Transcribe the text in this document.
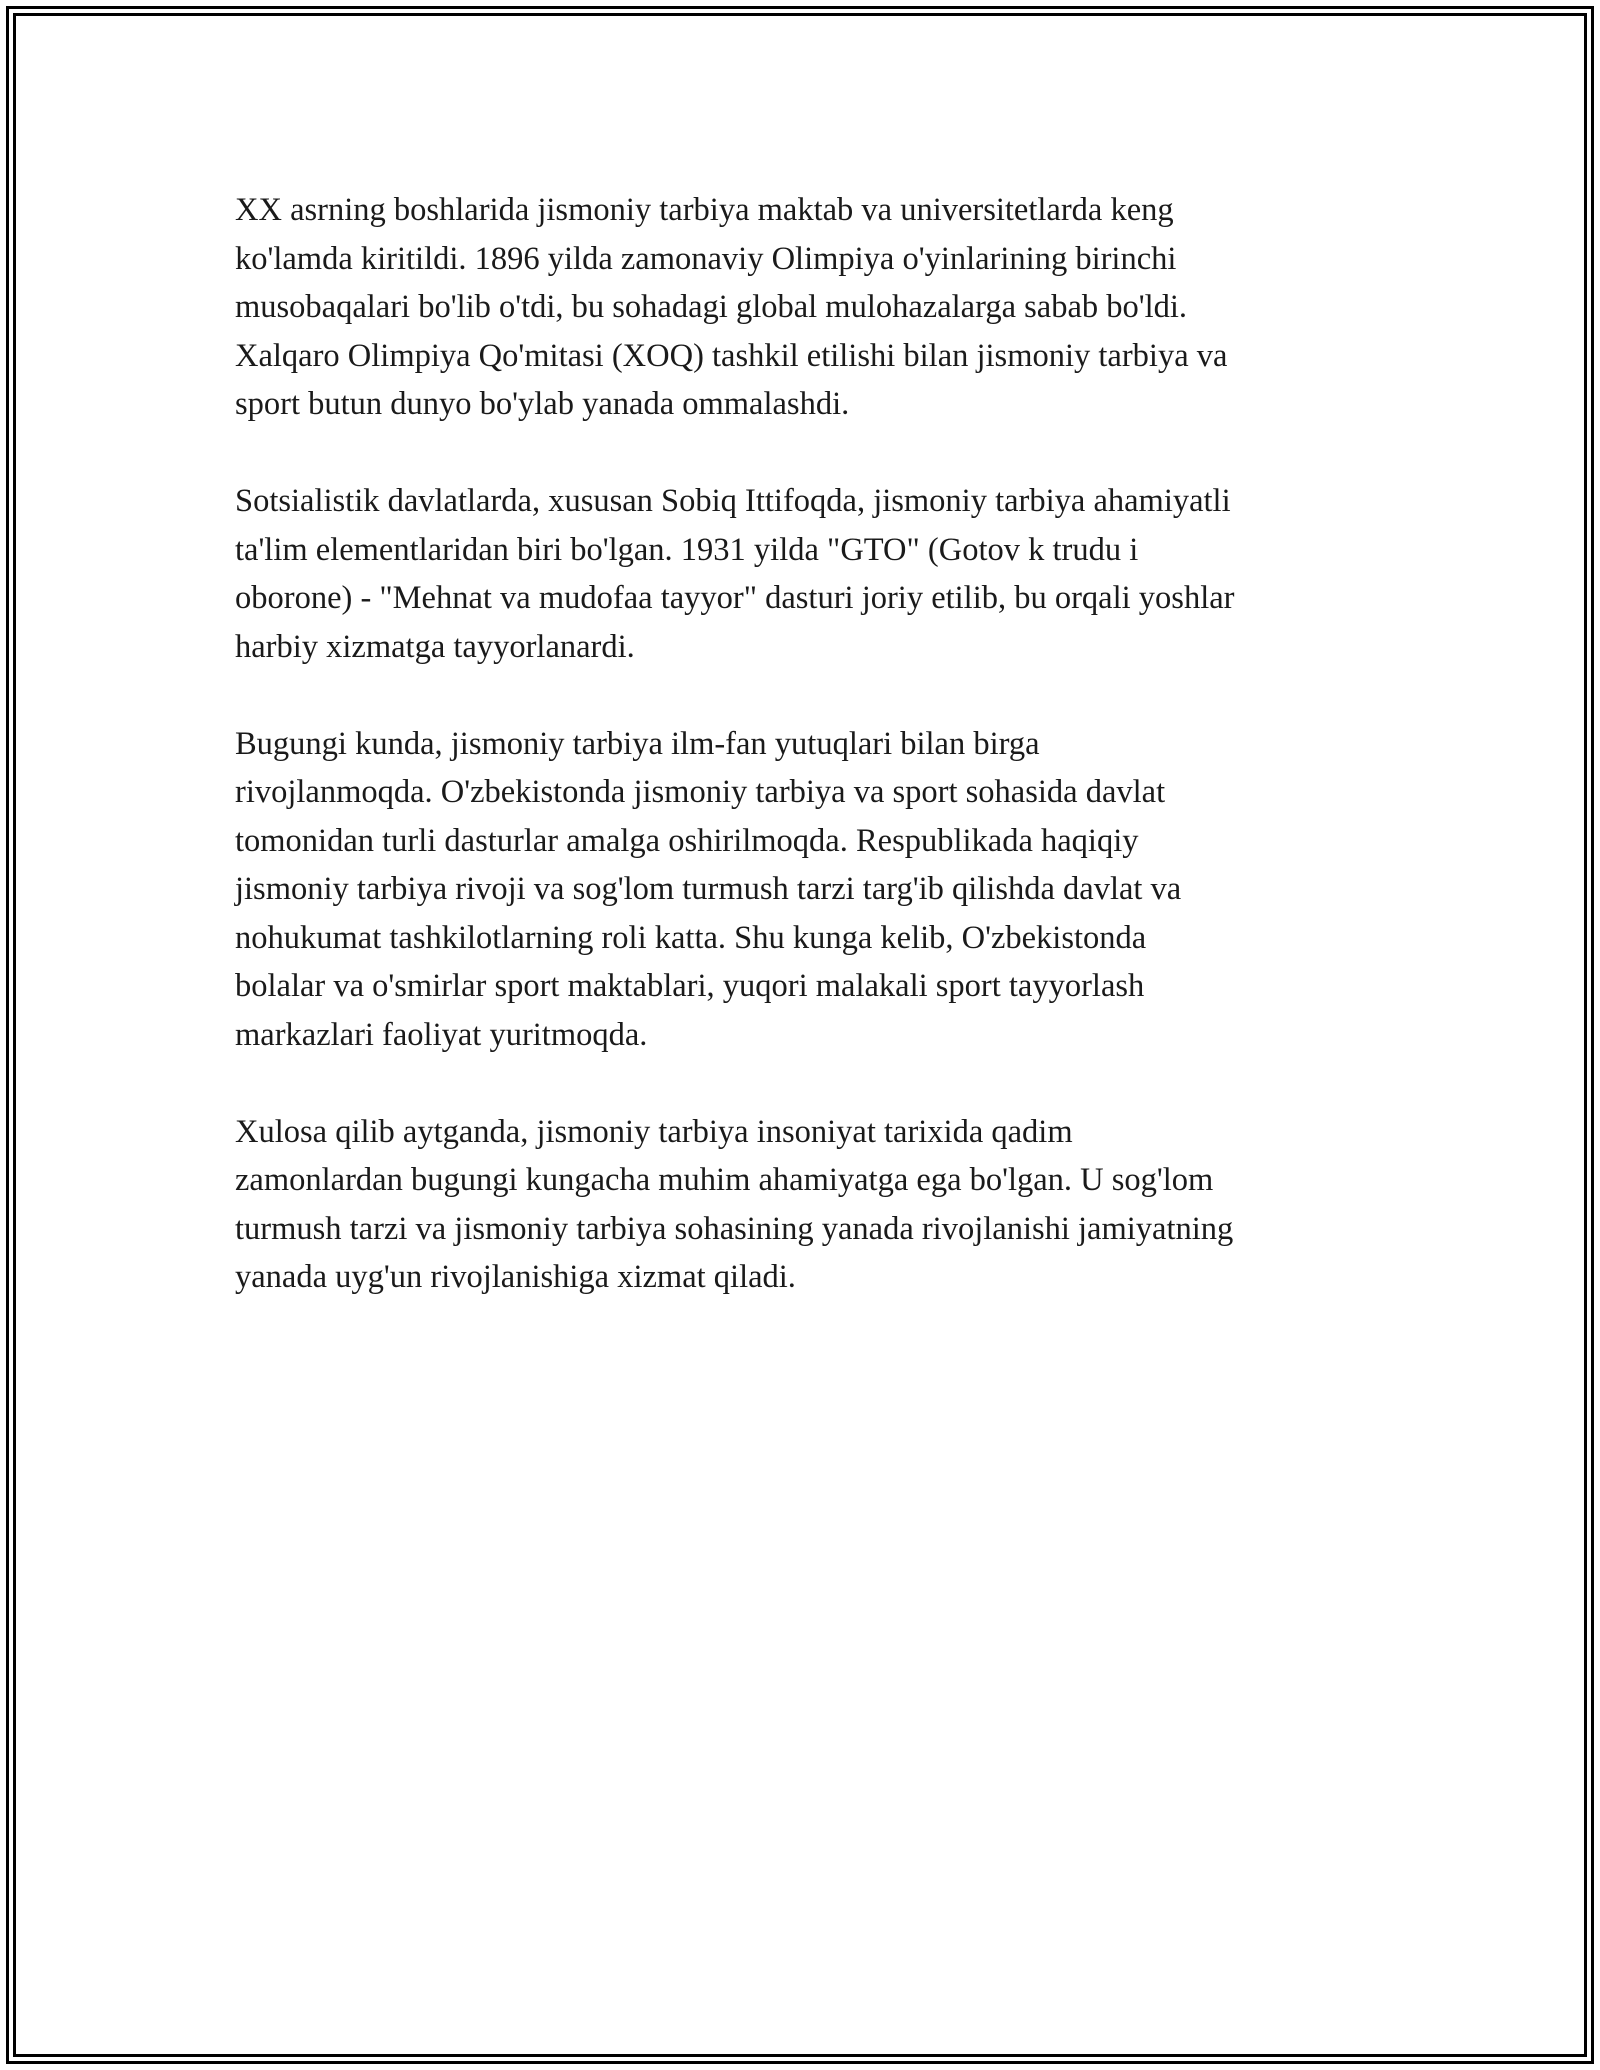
XX asrning boshlarida jismoniy tarbiya maktab va universitetlarda keng
ko'lamda kiritildi. 1896 yilda zamonaviy Olimpiya o'yinlarining birinchi
musobaqalari bo'lib o'tdi, bu sohadagi global mulohazalarga sabab bo'ldi.
Xalqaro Olimpiya Qo'mitasi (XOQ) tashkil etilishi bilan jismoniy tarbiya va
sport butun dunyo bo'ylab yanada ommalashdi.

Sotsialistik davlatlarda, xususan Sobiq Ittifoqda, jismoniy tarbiya ahamiyatli
ta'lim elementlaridan biri bo'lgan. 1931 yilda "GTO" (Gotov k trudu i
oborone) - "Mehnat va mudofaa tayyor" dasturi joriy etilib, bu orqali yoshlar
harbiy xizmatga tayyorlanardi.

Bugungi kunda, jismoniy tarbiya ilm-fan yutuqlari bilan birga
rivojlanmoqda. O'zbekistonda jismoniy tarbiya va sport sohasida davlat
tomonidan turli dasturlar amalga oshirilmoqda. Respublikada haqiqiy
jismoniy tarbiya rivoji va sog'lom turmush tarzi targ'ib qilishda davlat va
nohukumat tashkilotlarning roli katta. Shu kunga kelib, O'zbekistonda
bolalar va o'smirlar sport maktablari, yuqori malakali sport tayyorlash
markazlari faoliyat yuritmoqda.

Xulosa qilib aytganda, jismoniy tarbiya insoniyat tarixida qadim
zamonlardan bugungi kungacha muhim ahamiyatga ega bo'lgan. U sog'lom
turmush tarzi va jismoniy tarbiya sohasining yanada rivojlanishi jamiyatning
yanada uyg'un rivojlanishiga xizmat qiladi.
